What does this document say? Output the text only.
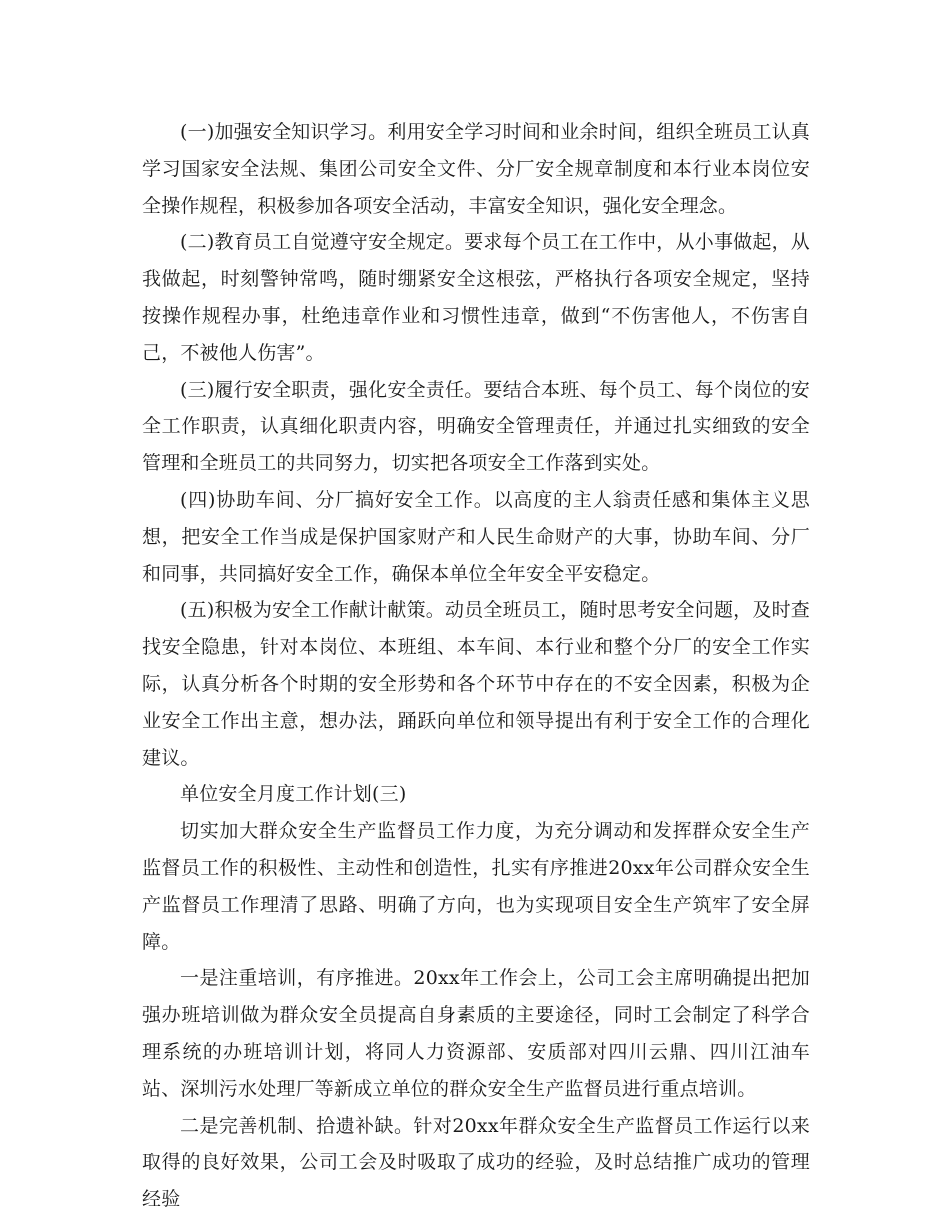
(一)加强安全知识学习。利用安全学习时间和业余时间，组织全班员工认真学习国家安全法规、集团公司安全文件、分厂安全规章制度和本行业本岗位安全操作规程，积极参加各项安全活动，丰富安全知识，强化安全理念。

(二)教育员工自觉遵守安全规定。要求每个员工在工作中，从小事做起，从我做起，时刻警钟常鸣，随时绷紧安全这根弦，严格执行各项安全规定，坚持按操作规程办事，杜绝违章作业和习惯性违章，做到“不伤害他人，不伤害自己，不被他人伤害”。

(三)履行安全职责，强化安全责任。要结合本班、每个员工、每个岗位的安全工作职责，认真细化职责内容，明确安全管理责任，并通过扎实细致的安全管理和全班员工的共同努力，切实把各项安全工作落到实处。

(四)协助车间、分厂搞好安全工作。以高度的主人翁责任感和集体主义思想，把安全工作当成是保护国家财产和人民生命财产的大事，协助车间、分厂和同事，共同搞好安全工作，确保本单位全年安全平安稳定。

(五)积极为安全工作献计献策。动员全班员工，随时思考安全问题，及时查找安全隐患，针对本岗位、本班组、本车间、本行业和整个分厂的安全工作实际，认真分析各个时期的安全形势和各个环节中存在的不安全因素，积极为企业安全工作出主意，想办法，踊跃向单位和领导提出有利于安全工作的合理化建议。

单位安全月度工作计划(三)

切实加大群众安全生产监督员工作力度，为充分调动和发挥群众安全生产监督员工作的积极性、主动性和创造性，扎实有序推进20xx年公司群众安全生产监督员工作理清了思路、明确了方向，也为实现项目安全生产筑牢了安全屏障。

一是注重培训，有序推进。20xx年工作会上，公司工会主席明确提出把加强办班培训做为群众安全员提高自身素质的主要途径，同时工会制定了科学合理系统的办班培训计划，将同人力资源部、安质部对四川云鼎、四川江油车站、深圳污水处理厂等新成立单位的群众安全生产监督员进行重点培训。

二是完善机制、拾遗补缺。针对20xx年群众安全生产监督员工作运行以来取得的良好效果，公司工会及时吸取了成功的经验，及时总结推广成功的管理经验
